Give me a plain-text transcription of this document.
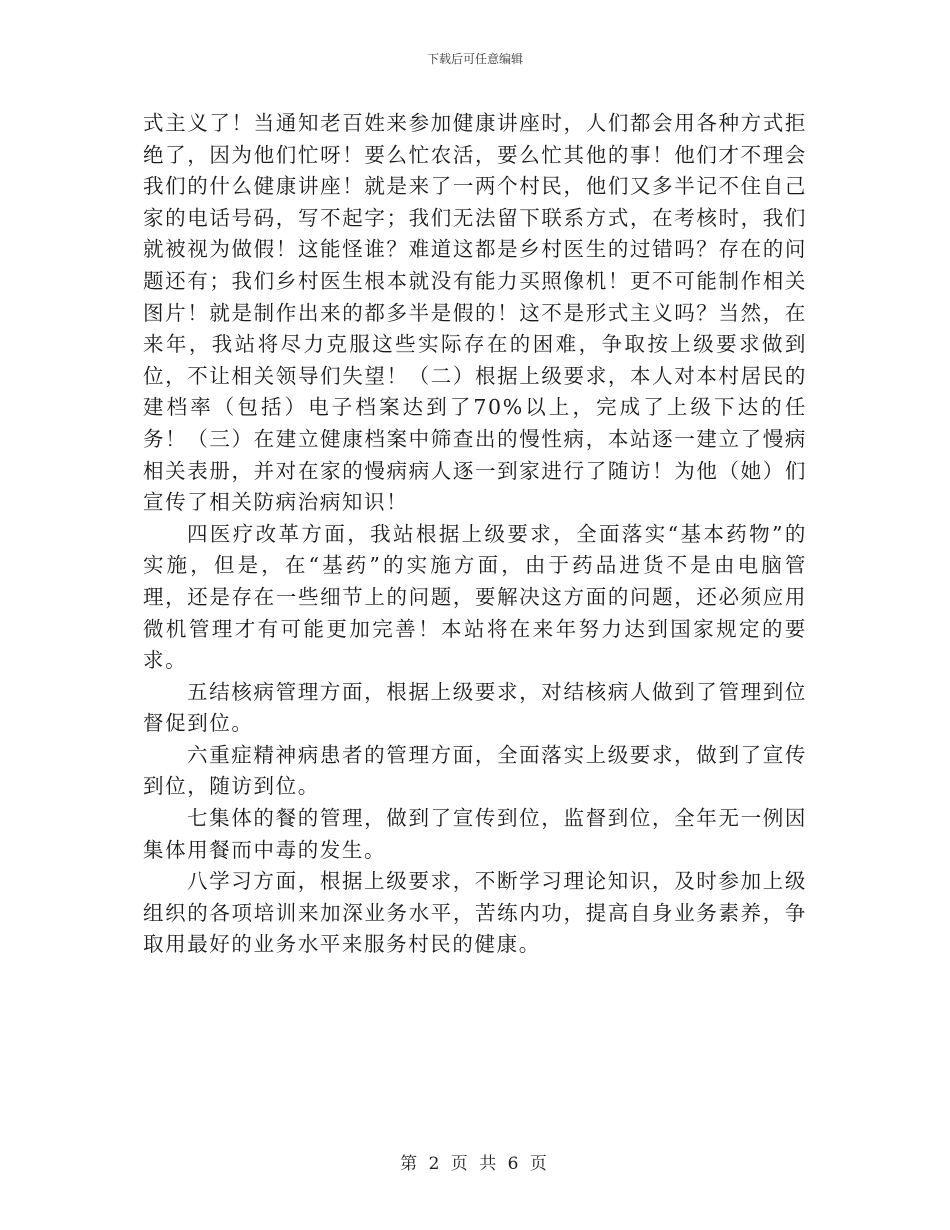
下载后可任意编辑

式主义了！当通知老百姓来参加健康讲座时，人们都会用各种方式拒绝了，因为他们忙呀！要么忙农活，要么忙其他的事！他们才不理会我们的什么健康讲座！就是来了一两个村民，他们又多半记不住自己家的电话号码，写不起字；我们无法留下联系方式，在考核时，我们就被视为做假！这能怪谁？难道这都是乡村医生的过错吗？存在的问题还有；我们乡村医生根本就没有能力买照像机！更不可能制作相关图片！就是制作出来的都多半是假的！这不是形式主义吗？当然，在来年，我站将尽力克服这些实际存在的困难，争取按上级要求做到位，不让相关领导们失望！（二）根据上级要求，本人对本村居民的建档率（包括）电子档案达到了70%以上，完成了上级下达的任务！（三）在建立健康档案中筛查出的慢性病，本站逐一建立了慢病相关表册，并对在家的慢病病人逐一到家进行了随访！为他（她）们宣传了相关防病治病知识！

四医疗改革方面，我站根据上级要求，全面落实“基本药物”的实施，但是，在“基药”的实施方面，由于药品进货不是由电脑管理，还是存在一些细节上的问题，要解决这方面的问题，还必须应用微机管理才有可能更加完善！本站将在来年努力达到国家规定的要求。

五结核病管理方面，根据上级要求，对结核病人做到了管理到位督促到位。

六重症精神病患者的管理方面，全面落实上级要求，做到了宣传到位，随访到位。

七集体的餐的管理，做到了宣传到位，监督到位，全年无一例因集体用餐而中毒的发生。

八学习方面，根据上级要求，不断学习理论知识，及时参加上级组织的各项培训来加深业务水平，苦练内功，提高自身业务素养，争取用最好的业务水平来服务村民的健康。

第 2 页 共 6 页
